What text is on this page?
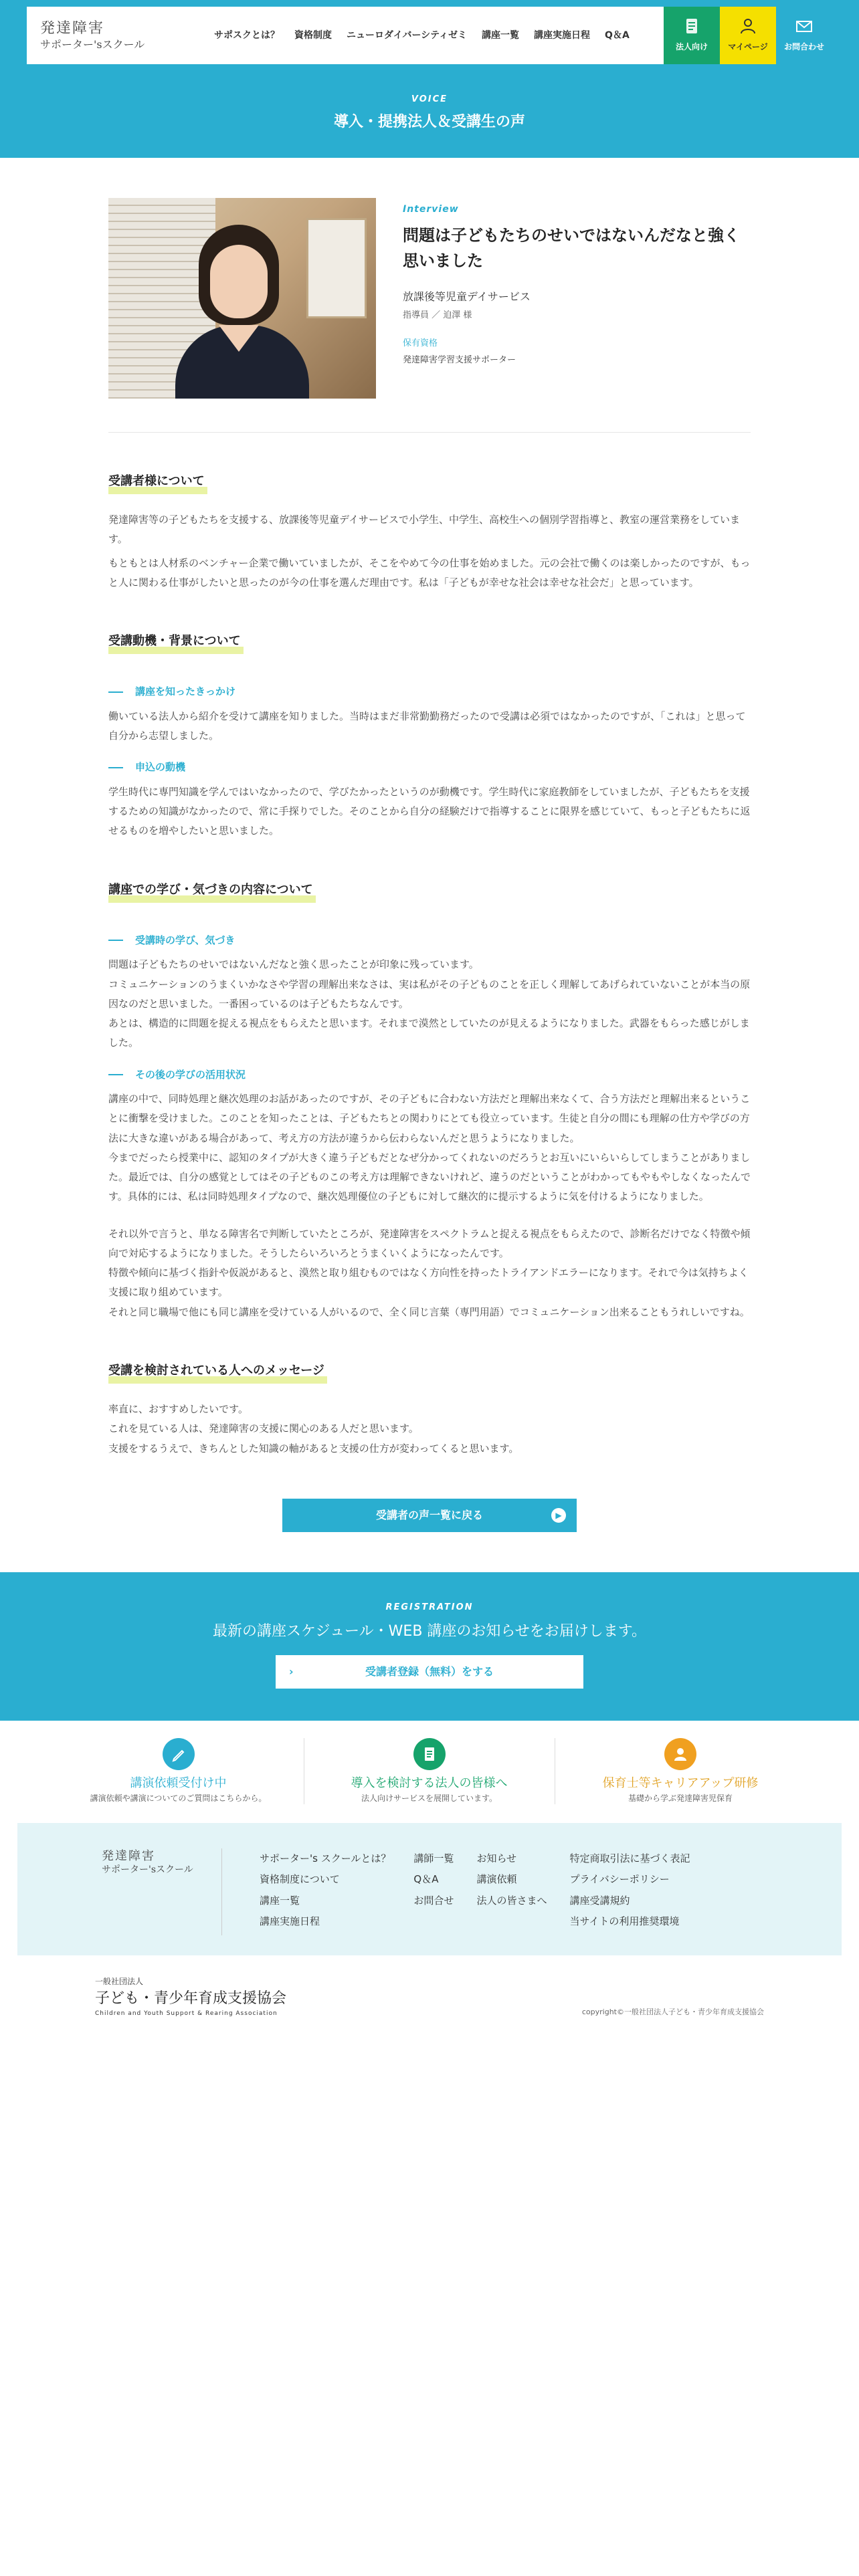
発達障害
サポーター'sスクール
サポスクとは？ 資格制度 ニューロダイバーシティゼミ 講座一覧 講座実施日程 Q＆A
法人向け	マイページ お問合わせ
VOICE
導入・提携法人＆受講生の声
Interview
問題は子どもたちのせいではないんだなと強く思いました
放課後等児童デイサービス
指導員 ／ 迫澤 様
保有資格
発達障害学習支援サポーター
受講者様について

発達障害等の子どもたちを支援する、放課後等児童デイサービスで小学生、中学生、高校生への個別学習指導と、教室の運営業務をしています。

もともとは人材系のベンチャー企業で働いていましたが、そこをやめて今の仕事を始めました。元の会社で働くのは楽しかったのですが、もっと人に関わる仕事がしたいと思ったのが今の仕事を選んだ理由です。私は「子どもが幸せな社会は幸せな社会だ」と思っています。

受講動機・背景について
講座を知ったきっかけ

働いている法人から紹介を受けて講座を知りました。当時はまだ非常勤勤務だったので受講は必須ではなかったのですが、「これは」と思って自分から志望しました。

申込の動機

学生時代に専門知識を学んではいなかったので、学びたかったというのが動機です。学生時代に家庭教師をしていましたが、子どもたちを支援するための知識がなかったので、常に手探りでした。そのことから自分の経験だけで指導することに限界を感じていて、もっと子どもたちに返せるものを増やしたいと思いました。

講座での学び・気づきの内容について
受講時の学び、気づき

問題は子どもたちのせいではないんだなと強く思ったことが印象に残っています。

コミュニケーションのうまくいかなさや学習の理解出来なさは、実は私がその子どものことを正しく理解してあげられていないことが本当の原因なのだと思いました。一番困っているのは子どもたちなんです。

あとは、構造的に問題を捉える視点をもらえたと思います。それまで漠然としていたのが見えるようになりました。武器をもらった感じがしました。

その後の学びの活用状況

講座の中で、同時処理と継次処理のお話があったのですが、その子どもに合わない方法だと理解出来なくて、合う方法だと理解出来るということに衝撃を受けました。このことを知ったことは、子どもたちとの関わりにとても役立っています。生徒と自分の間にも理解の仕方や学びの方法に大きな違いがある場合があって、考え方の方法が違うから伝わらないんだと思うようになりました。

今までだったら授業中に、認知のタイプが大きく違う子どもだとなぜ分かってくれないのだろうとお互いにいらいらしてしまうことがありました。最近では、自分の感覚としてはその子どものこの考え方は理解できないけれど、違うのだということがわかってもやもやしなくなったんです。具体的には、私は同時処理タイプなので、継次処理優位の子どもに対して継次的に提示するように気を付けるようになりました。

それ以外で言うと、単なる障害名で判断していたところが、発達障害をスペクトラムと捉える視点をもらえたので、診断名だけでなく特徴や傾向で対応するようになりました。そうしたらいろいろとうまくいくようになったんです。

特徴や傾向に基づく指針や仮説があると、漠然と取り組むものではなく方向性を持ったトライアンドエラーになります。それで今は気持ちよく支援に取り組めています。

それと同じ職場で他にも同じ講座を受けている人がいるので、全く同じ言葉（専門用語）でコミュニケーション出来ることもうれしいですね。

受講を検討されている人へのメッセージ

率直に、おすすめしたいです。

これを見ている人は、発達障害の支援に関心のある人だと思います。

支援をするうえで、きちんとした知識の軸があると支援の仕方が変わってくると思います。

受講者の声一覧に戻る	▶
REGISTRATION
最新の講座スケジュール・WEB 講座のお知らせをお届けします。
›	受講者登録（無料）をする
講演依頼受付け中
講演依頼や講演についてのご質問はこちらから。
導入を検討する法人の皆様へ
法人向けサービスを展開しています。
保育士等キャリアアップ研修
基礎から学ぶ発達障害児保育
発達障害
サポーター'sスクール
サポーター's スクールとは？
資格制度について
講座一覧
講座実施日程
講師一覧
Q＆A
お問合せ
お知らせ
講演依頼
法人の皆さまへ
特定商取引法に基づく表記
プライバシーポリシー
講座受講規約
当サイトの利用推奨環境
一般社団法人
子ども・青少年育成支援協会
Children and Youth Support & Rearing Association	copyright©一般社団法人子ども・青少年育成支援協会
